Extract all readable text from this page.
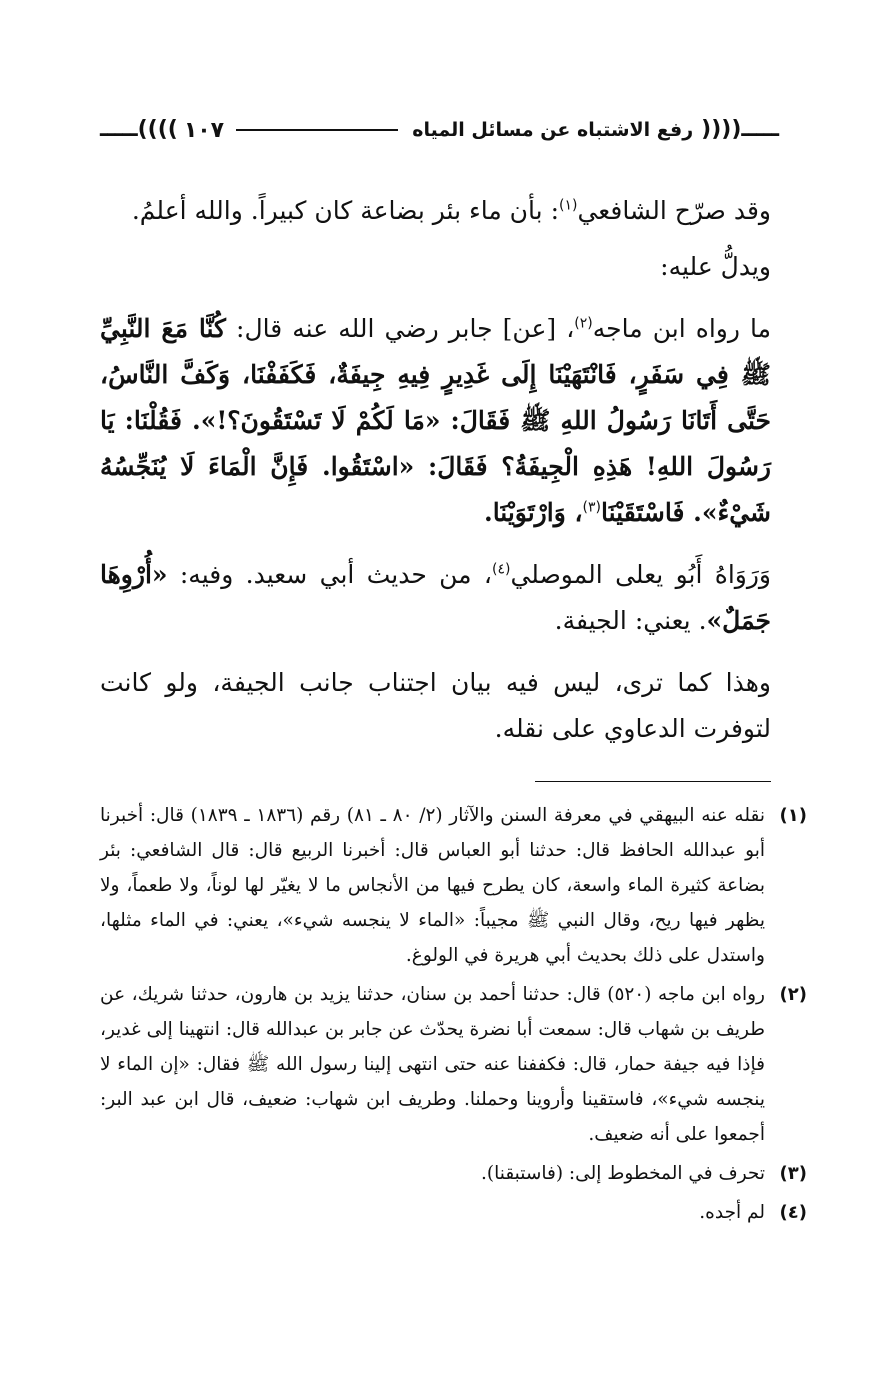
ـــــ((((
رفع الاشتباه عن مسائل المياه
١٠٧
))))ـــــ

وقد صرّح الشافعي$^{(١)}$: بأن ماء بئر بضاعة كان كبيراً. والله أعلمُ.

ويدلُّ عليه:

ما رواه ابن ماجه$^{(٢)}$، [عن] جابر رضي الله عنه قال: كُنَّا مَعَ النَّبِيِّ ﷺ فِي سَفَرٍ، فَانْتَهَيْنَا إِلَى غَدِيرٍ فِيهِ جِيفَةٌ، فَكَفَفْنَا، وَكَفَّ النَّاسُ، حَتَّى أَتَانَا رَسُولُ اللهِ ﷺ فَقَالَ: «مَا لَكُمْ لَا تَسْتَقُونَ؟!». فَقُلْنَا: يَا رَسُولَ اللهِ! هَذِهِ الْجِيفَةُ؟ فَقَالَ: «اسْتَقُوا. فَإِنَّ الْمَاءَ لَا يُنَجِّسُهُ شَيْءٌ». فَاسْتَقَيْنَا$^{(٣)}$، وَارْتَوَيْنَا.

وَرَوَاهُ أَبُو يعلى الموصلي$^{(٤)}$، من حديث أبي سعيد. وفيه: «أُرْوِهَا جَمَلٌ». يعني: الجيفة.

وهذا كما ترى، ليس فيه بيان اجتناب جانب الجيفة، ولو كانت لتوفرت الدعاوي على نقله.

(١)
نقله عنه البيهقي في معرفة السنن والآثار (٢/ ٨٠ ـ ٨١) رقم (١٨٣٦ ـ ١٨٣٩) قال: أخبرنا أبو عبدالله الحافظ قال: حدثنا أبو العباس قال: أخبرنا الربيع قال: قال الشافعي: بئر بضاعة كثيرة الماء واسعة، كان يطرح فيها من الأنجاس ما لا يغيّر لها لوناً، ولا طعماً، ولا يظهر فيها ريح، وقال النبي ﷺ مجيباً: «الماء لا ينجسه شيء»، يعني: في الماء مثلها، واستدل على ذلك بحديث أبي هريرة في الولوغ.
(٢)
رواه ابن ماجه (٥٢٠) قال: حدثنا أحمد بن سنان، حدثنا يزيد بن هارون، حدثنا شريك، عن طريف بن شهاب قال: سمعت أبا نضرة يحدّث عن جابر بن عبدالله قال: انتهينا إلى غدير، فإذا فيه جيفة حمار، قال: فكففنا عنه حتى انتهى إلينا رسول الله ﷺ فقال: «إن الماء لا ينجسه شيء»، فاستقينا وأروينا وحملنا. وطريف ابن شهاب: ضعيف، قال ابن عبد البر: أجمعوا على أنه ضعيف.
(٣)
تحرف في المخطوط إلى: (فاستبقنا).
(٤)
لم أجده.
